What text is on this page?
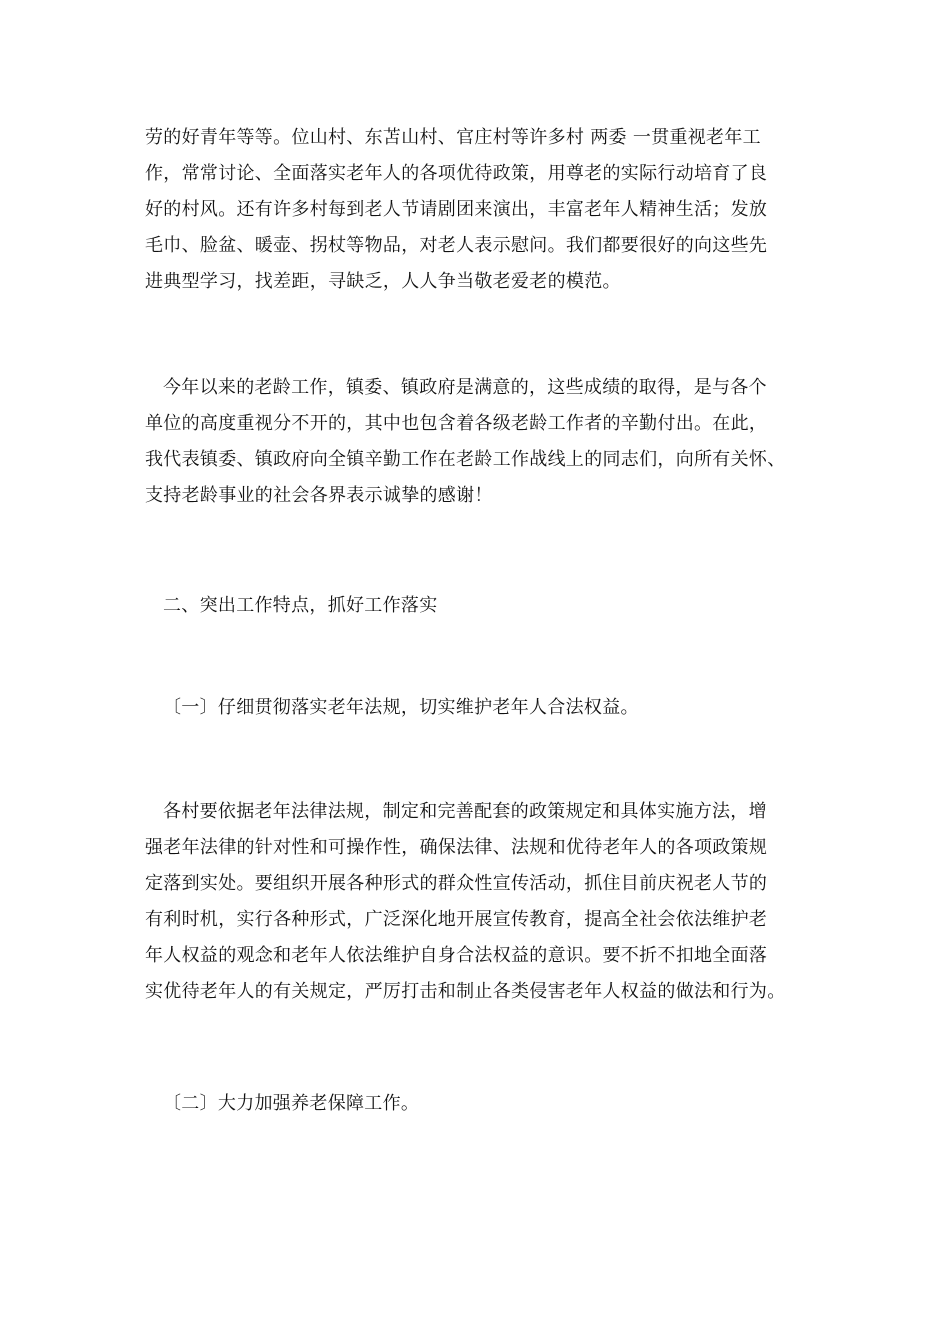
劳的好青年等等。位山村、东苫山村、官庄村等许多村 两委 一贯重视老年工
作，常常讨论、全面落实老年人的各项优待政策，用尊老的实际行动培育了良
好的村风。还有许多村每到老人节请剧团来演出，丰富老年人精神生活；发放
毛巾、脸盆、暖壶、拐杖等物品，对老人表示慰问。我们都要很好的向这些先
进典型学习，找差距，寻缺乏，人人争当敬老爱老的模范。
今年以来的老龄工作，镇委、镇政府是满意的，这些成绩的取得，是与各个
单位的高度重视分不开的，其中也包含着各级老龄工作者的辛勤付出。在此，
我代表镇委、镇政府向全镇辛勤工作在老龄工作战线上的同志们，向所有关怀、
支持老龄事业的社会各界表示诚挚的感谢！
二、突出工作特点，抓好工作落实
〔一〕仔细贯彻落实老年法规，切实维护老年人合法权益。
各村要依据老年法律法规，制定和完善配套的政策规定和具体实施方法，增
强老年法律的针对性和可操作性，确保法律、法规和优待老年人的各项政策规
定落到实处。要组织开展各种形式的群众性宣传活动，抓住目前庆祝老人节的
有利时机，实行各种形式，广泛深化地开展宣传教育，提高全社会依法维护老
年人权益的观念和老年人依法维护自身合法权益的意识。要不折不扣地全面落
实优待老年人的有关规定，严厉打击和制止各类侵害老年人权益的做法和行为。
〔二〕大力加强养老保障工作。
